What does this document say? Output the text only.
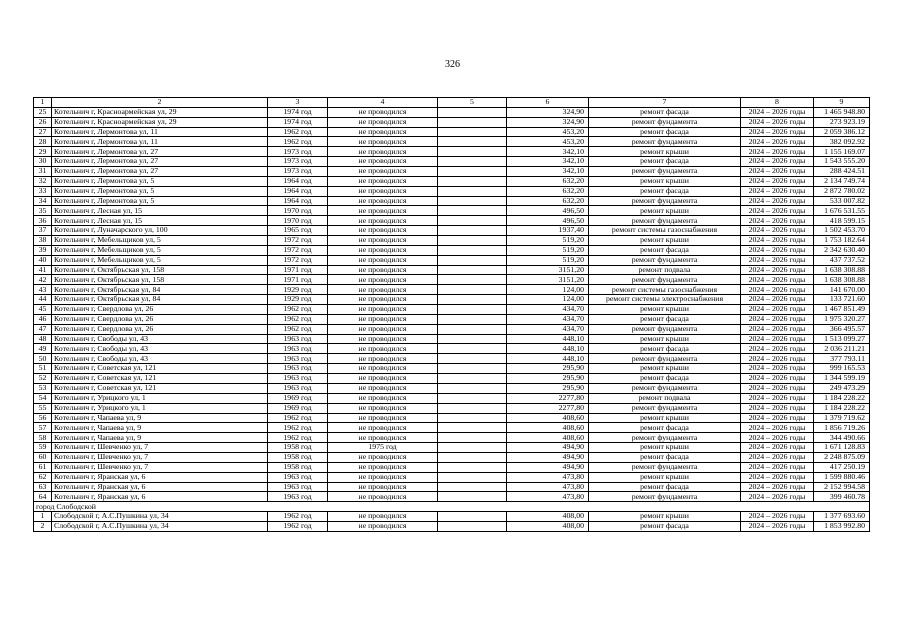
326
1	2	3	4	5	6	7	8	9
25	Котельнич г, Красноармейская ул, 29	1974 год	не проводился		324,90	ремонт фасада	2024 – 2026 годы	1 465 948.80
26	Котельнич г, Красноармейская ул, 29	1974 год	не проводился		324,90	ремонт фундамента	2024 – 2026 годы	273 923.19
27	Котельнич г, Лермонтова ул, 11	1962 год	не проводился		453,20	ремонт фасада	2024 – 2026 годы	2 059 386.12
28	Котельнич г, Лермонтова ул, 11	1962 год	не проводился		453,20	ремонт фундамента	2024 – 2026 годы	382 092.92
29	Котельнич г, Лермонтова ул, 27	1973 год	не проводился		342,10	ремонт крыши	2024 – 2026 годы	1 155 169.07
30	Котельнич г, Лермонтова ул, 27	1973 год	не проводился		342,10	ремонт фасада	2024 – 2026 годы	1 543 555.20
31	Котельнич г, Лермонтова ул, 27	1973 год	не проводился		342,10	ремонт фундамента	2024 – 2026 годы	288 424.51
32	Котельнич г, Лермонтова ул, 5	1964 год	не проводился		632,20	ремонт крыши	2024 – 2026 годы	2 134 749.74
33	Котельнич г, Лермонтова ул, 5	1964 год	не проводился		632,20	ремонт фасада	2024 – 2026 годы	2 872 780.02
34	Котельнич г, Лермонтова ул, 5	1964 год	не проводился		632,20	ремонт фундамента	2024 – 2026 годы	533 007.82
35	Котельнич г, Лесная ул, 15	1970 год	не проводился		496,50	ремонт крыши	2024 – 2026 годы	1 676 531.55
36	Котельнич г, Лесная ул, 15	1970 год	не проводился		496,50	ремонт фундамента	2024 – 2026 годы	418 599.15
37	Котельнич г, Луначарского ул, 100	1965 год	не проводился		1937,40	ремонт системы газоснабжения	2024 – 2026 годы	1 502 453.70
38	Котельнич г, Мебельщиков ул, 5	1972 год	не проводился		519,20	ремонт крыши	2024 – 2026 годы	1 753 182.64
39	Котельнич г, Мебельщиков ул, 5	1972 год	не проводился		519,20	ремонт фасада	2024 – 2026 годы	2 342 630.40
40	Котельнич г, Мебельщиков ул, 5	1972 год	не проводился		519,20	ремонт фундамента	2024 – 2026 годы	437 737.52
41	Котельнич г, Октябрьская ул, 158	1971 год	не проводился		3151,20	ремонт подвала	2024 – 2026 годы	1 638 308.88
42	Котельнич г, Октябрьская ул, 158	1971 год	не проводился		3151,20	ремонт фундамента	2024 – 2026 годы	1 638 308.88
43	Котельнич г, Октябрьская ул, 84	1929 год	не проводился		124,00	ремонт системы газоснабжения	2024 – 2026 годы	141 670.00
44	Котельнич г, Октябрьская ул, 84	1929 год	не проводился		124,00	ремонт системы электроснабжения	2024 – 2026 годы	133 721.60
45	Котельнич г, Свердлова ул, 26	1962 год	не проводился		434,70	ремонт крыши	2024 – 2026 годы	1 467 851.49
46	Котельнич г, Свердлова ул, 26	1962 год	не проводился		434,70	ремонт фасада	2024 – 2026 годы	1 975 320.27
47	Котельнич г, Свердлова ул, 26	1962 год	не проводился		434,70	ремонт фундамента	2024 – 2026 годы	366 495.57
48	Котельнич г, Свободы ул, 43	1963 год	не проводился		448,10	ремонт крыши	2024 – 2026 годы	1 513 099.27
49	Котельнич г, Свободы ул, 43	1963 год	не проводился		448,10	ремонт фасада	2024 – 2026 годы	2 036 211.21
50	Котельнич г, Свободы ул, 43	1963 год	не проводился		448,10	ремонт фундамента	2024 – 2026 годы	377 793.11
51	Котельнич г, Советская ул, 121	1963 год	не проводился		295,90	ремонт крыши	2024 – 2026 годы	999 165.53
52	Котельнич г, Советская ул, 121	1963 год	не проводился		295,90	ремонт фасада	2024 – 2026 годы	1 344 599.19
53	Котельнич г, Советская ул, 121	1963 год	не проводился		295,90	ремонт фундамента	2024 – 2026 годы	249 473.29
54	Котельнич г, Урицкого ул, 1	1969 год	не проводился		2277,80	ремонт подвала	2024 – 2026 годы	1 184 228.22
55	Котельнич г, Урицкого ул, 1	1969 год	не проводился		2277,80	ремонт фундамента	2024 – 2026 годы	1 184 228.22
56	Котельнич г, Чапаева ул, 9	1962 год	не проводился		408,60	ремонт крыши	2024 – 2026 годы	1 379 719.62
57	Котельнич г, Чапаева ул, 9	1962 год	не проводился		408,60	ремонт фасада	2024 – 2026 годы	1 856 719.26
58	Котельнич г, Чапаева ул, 9	1962 год	не проводился		408,60	ремонт фундамента	2024 – 2026 годы	344 490.66
59	Котельнич г, Шевченко ул, 7	1958 год	1975 год		494,90	ремонт крыши	2024 – 2026 годы	1 671 128.83
60	Котельнич г, Шевченко ул, 7	1958 год	не проводился		494,90	ремонт фасада	2024 – 2026 годы	2 248 875.09
61	Котельнич г, Шевченко ул, 7	1958 год	не проводился		494,90	ремонт фундамента	2024 – 2026 годы	417 250.19
62	Котельнич г, Яранская ул, 6	1963 год	не проводился		473,80	ремонт крыши	2024 – 2026 годы	1 599 880.46
63	Котельнич г, Яранская ул, 6	1963 год	не проводился		473,80	ремонт фасада	2024 – 2026 годы	2 152 994.58
64	Котельнич г, Яранская ул, 6	1963 год	не проводился		473,80	ремонт фундамента	2024 – 2026 годы	399 460.78
город Слободской								
1	Слободской г, А.С.Пушкина ул, 34	1962 год	не проводился		408,00	ремонт крыши	2024 – 2026 годы	1 377 693.60
2	Слободской г, А.С.Пушкина ул, 34	1962 год	не проводился		408,00	ремонт фасада	2024 – 2026 годы	1 853 992.80
